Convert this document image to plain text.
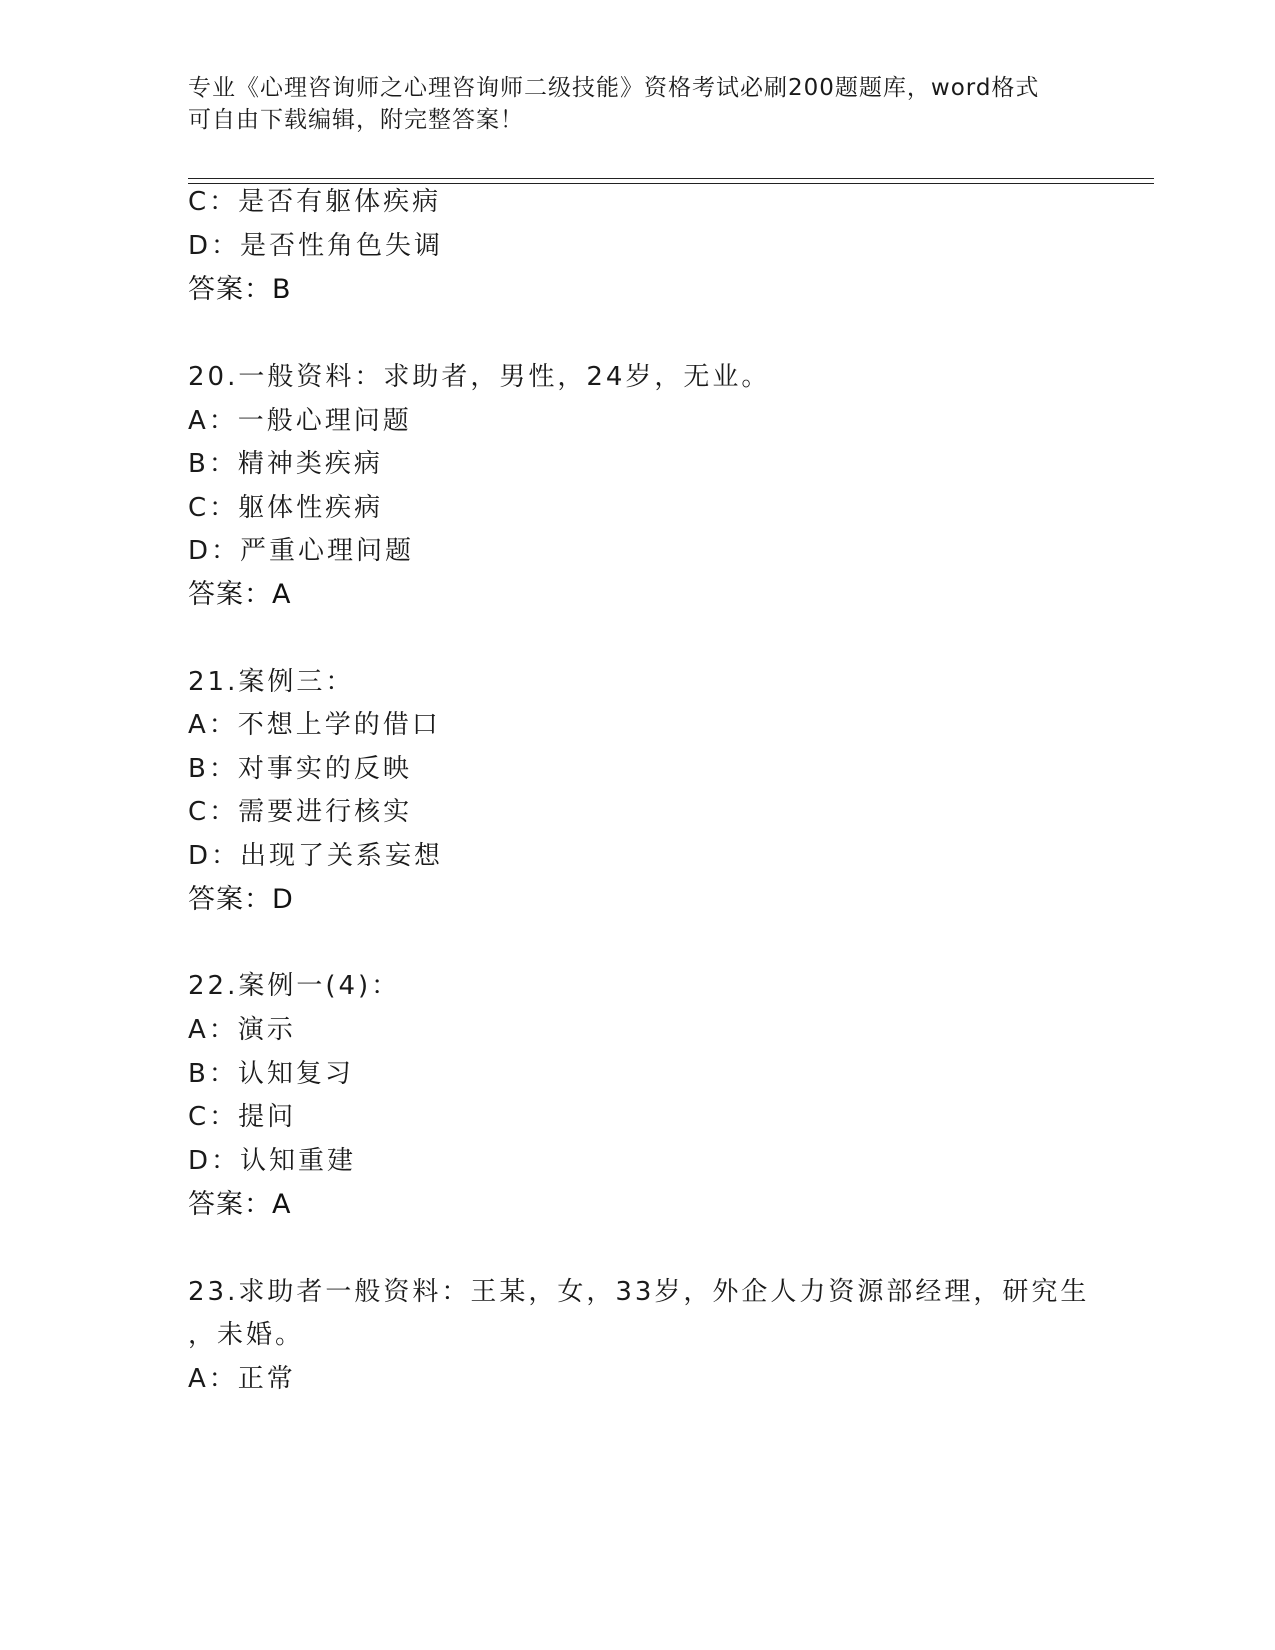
专业《心理咨询师之心理咨询师二级技能》资格考试必刷200题题库，word格式
可自由下载编辑，附完整答案！
C：是否有躯体疾病
D：是否性角色失调
答案：B
20.一般资料：求助者，男性，24岁，无业。
A：一般心理问题
B：精神类疾病
C：躯体性疾病
D：严重心理问题
答案：A
21.案例三：
A：不想上学的借口
B：对事实的反映
C：需要进行核实
D：出现了关系妄想
答案：D
22.案例一(4)：
A：演示
B：认知复习
C：提问
D：认知重建
答案：A
23.求助者一般资料：王某，女，33岁，外企人力资源部经理，研究生
，未婚。
A：正常
